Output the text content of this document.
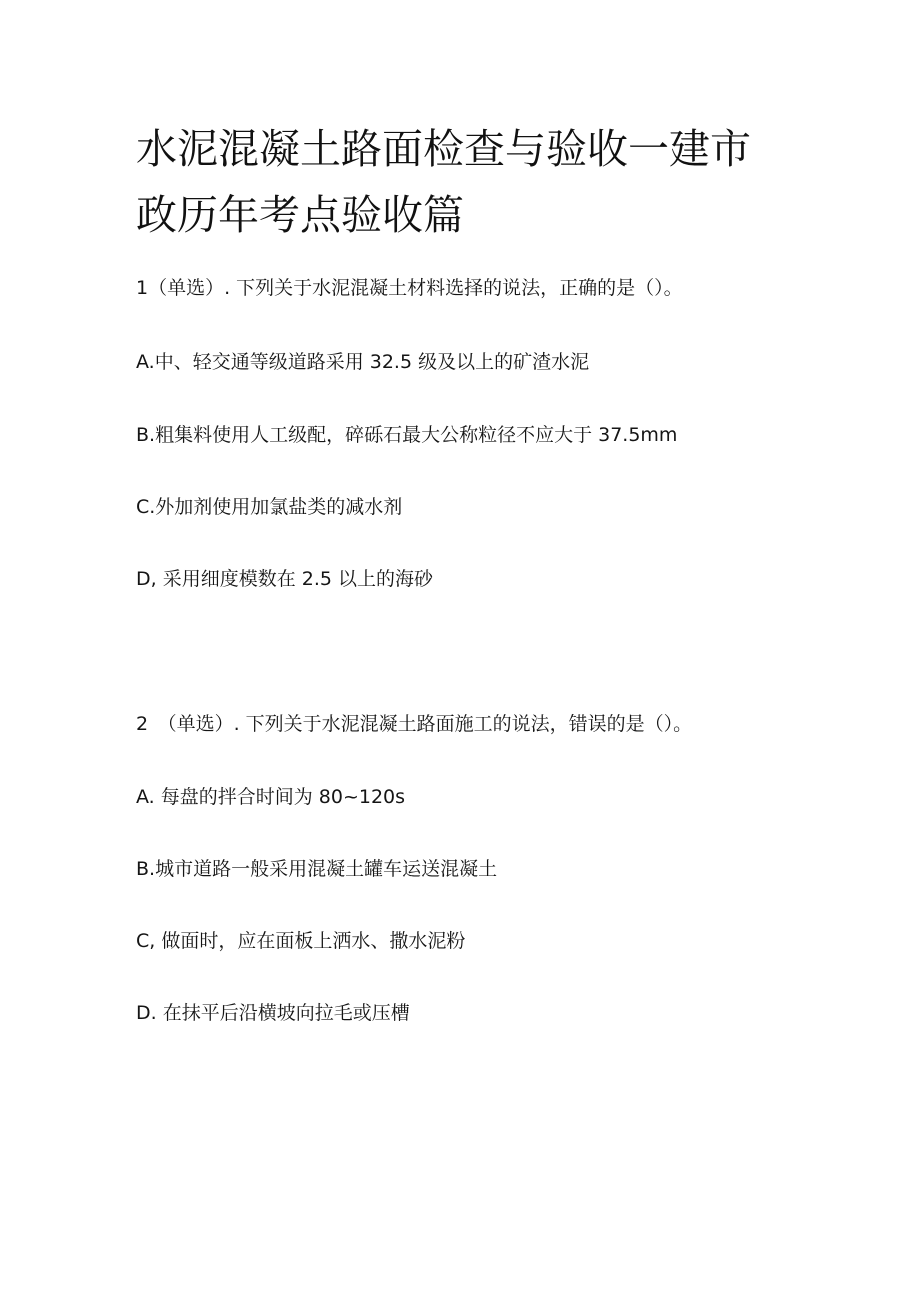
水泥混凝土路面检查与验收一建市
政历年考点验收篇

1（单选）. 下列关于水泥混凝土材料选择的说法，正确的是（）。

A.中、轻交通等级道路采用 32.5 级及以上的矿渣水泥

B.粗集料使用人工级配，碎砾石最大公称粒径不应大于 37.5mm

C.外加剂使用加氯盐类的减水剂

D, 采用细度模数在 2.5 以上的海砂

2　（单选）. 下列关于水泥混凝土路面施工的说法，错误的是（）。

A. 每盘的拌合时间为 80~120s

B.城市道路一般采用混凝土罐车运送混凝土

C, 做面时，应在面板上洒水、撒水泥粉

D. 在抹平后沿横坡向拉毛或压槽
